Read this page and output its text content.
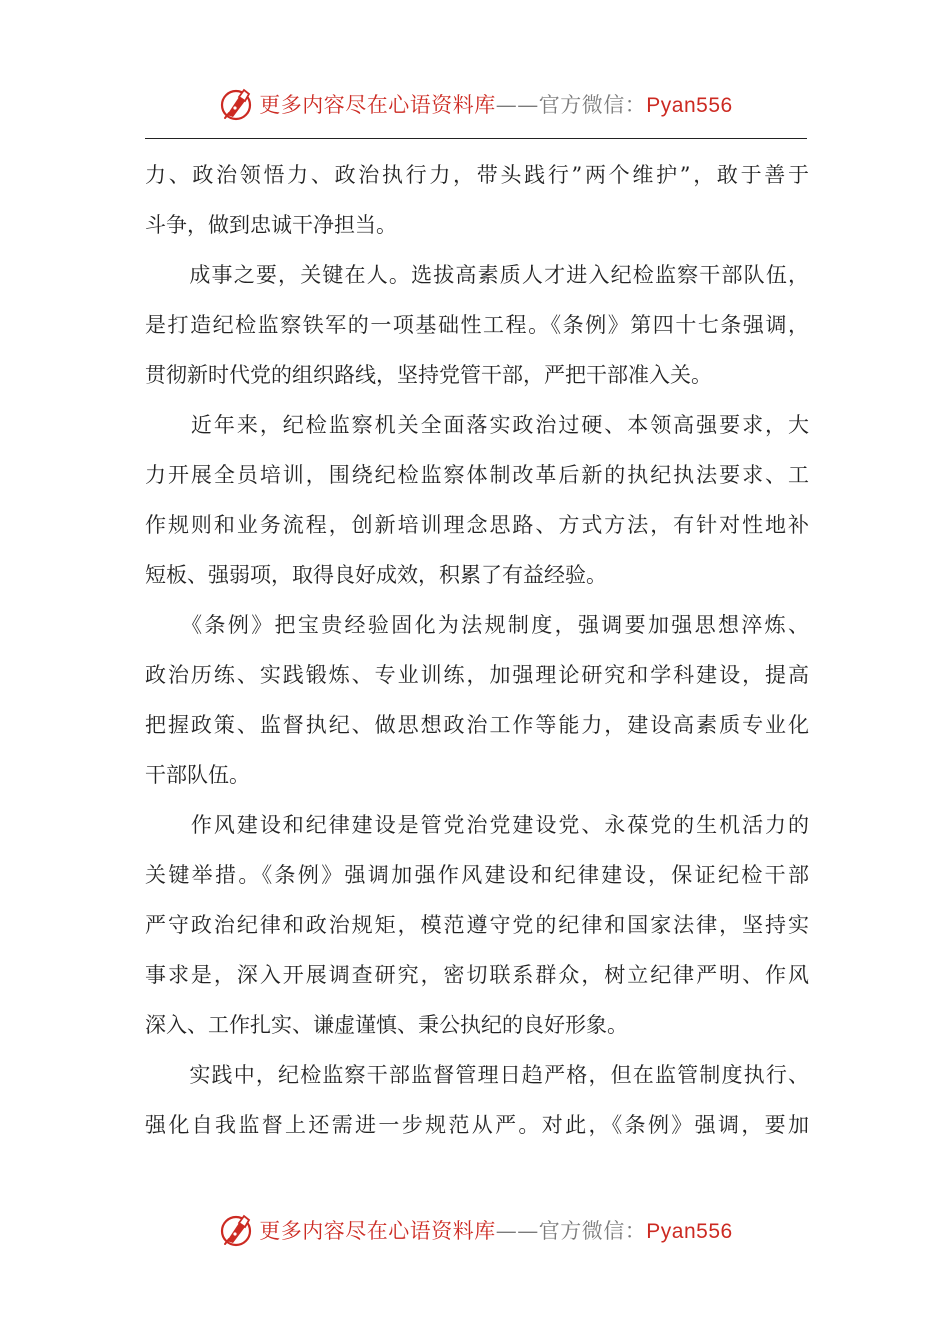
更多内容尽在心语资料库——官方微信：Pyan556
力、政治领悟力、政治执行力，带头践行”两个维护”，敢于善于
斗争，做到忠诚干净担当。
　　成事之要，关键在人。选拔高素质人才进入纪检监察干部队伍，
是打造纪检监察铁军的一项基础性工程。《条例》第四十七条强调，
贯彻新时代党的组织路线，坚持党管干部，严把干部准入关。
　　近年来，纪检监察机关全面落实政治过硬、本领高强要求，大
力开展全员培训，围绕纪检监察体制改革后新的执纪执法要求、工
作规则和业务流程，创新培训理念思路、方式方法，有针对性地补
短板、强弱项，取得良好成效，积累了有益经验。
　　《条例》把宝贵经验固化为法规制度，强调要加强思想淬炼、
政治历练、实践锻炼、专业训练，加强理论研究和学科建设，提高
把握政策、监督执纪、做思想政治工作等能力，建设高素质专业化
干部队伍。
　　作风建设和纪律建设是管党治党建设党、永葆党的生机活力的
关键举措。《条例》强调加强作风建设和纪律建设，保证纪检干部
严守政治纪律和政治规矩，模范遵守党的纪律和国家法律，坚持实
事求是，深入开展调查研究，密切联系群众，树立纪律严明、作风
深入、工作扎实、谦虚谨慎、秉公执纪的良好形象。
　　实践中，纪检监察干部监督管理日趋严格，但在监管制度执行、
强化自我监督上还需进一步规范从严。对此，《条例》强调，要加
更多内容尽在心语资料库——官方微信：Pyan556
